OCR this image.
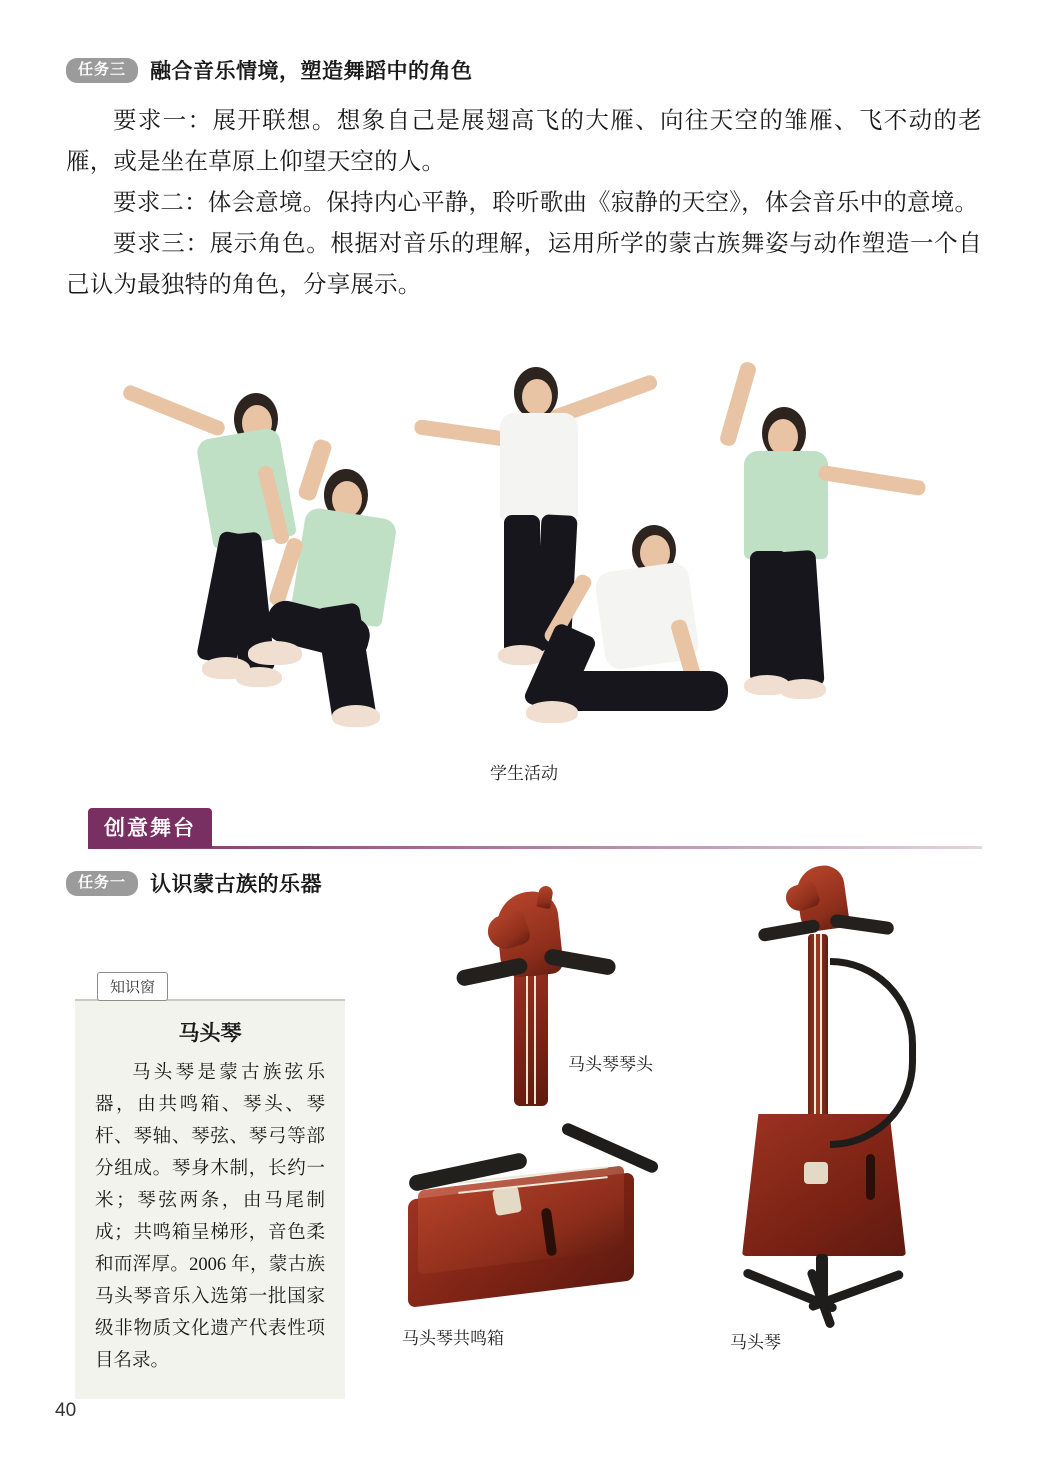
任务三	融合音乐情境，塑造舞蹈中的角色

要求一：展开联想。想象自己是展翅高飞的大雁、向往天空的雏雁、飞不动的老雁，或是坐在草原上仰望天空的人。

要求二：体会意境。保持内心平静，聆听歌曲《寂静的天空》，体会音乐中的意境。

要求三：展示角色。根据对音乐的理解，运用所学的蒙古族舞姿与动作塑造一个自己认为最独特的角色，分享展示。

学生活动
创意舞台
任务一	认识蒙古族的乐器
知识窗
马头琴
马头琴是蒙古族弦乐器，由共鸣箱、琴头、琴杆、琴轴、琴弦、琴弓等部分组成。琴身木制，长约一米；琴弦两条，由马尾制成；共鸣箱呈梯形，音色柔和而浑厚。2006 年，蒙古族马头琴音乐入选第一批国家级非物质文化遗产代表性项目名录。
马头琴琴头
马头琴共鸣箱	马头琴
40
